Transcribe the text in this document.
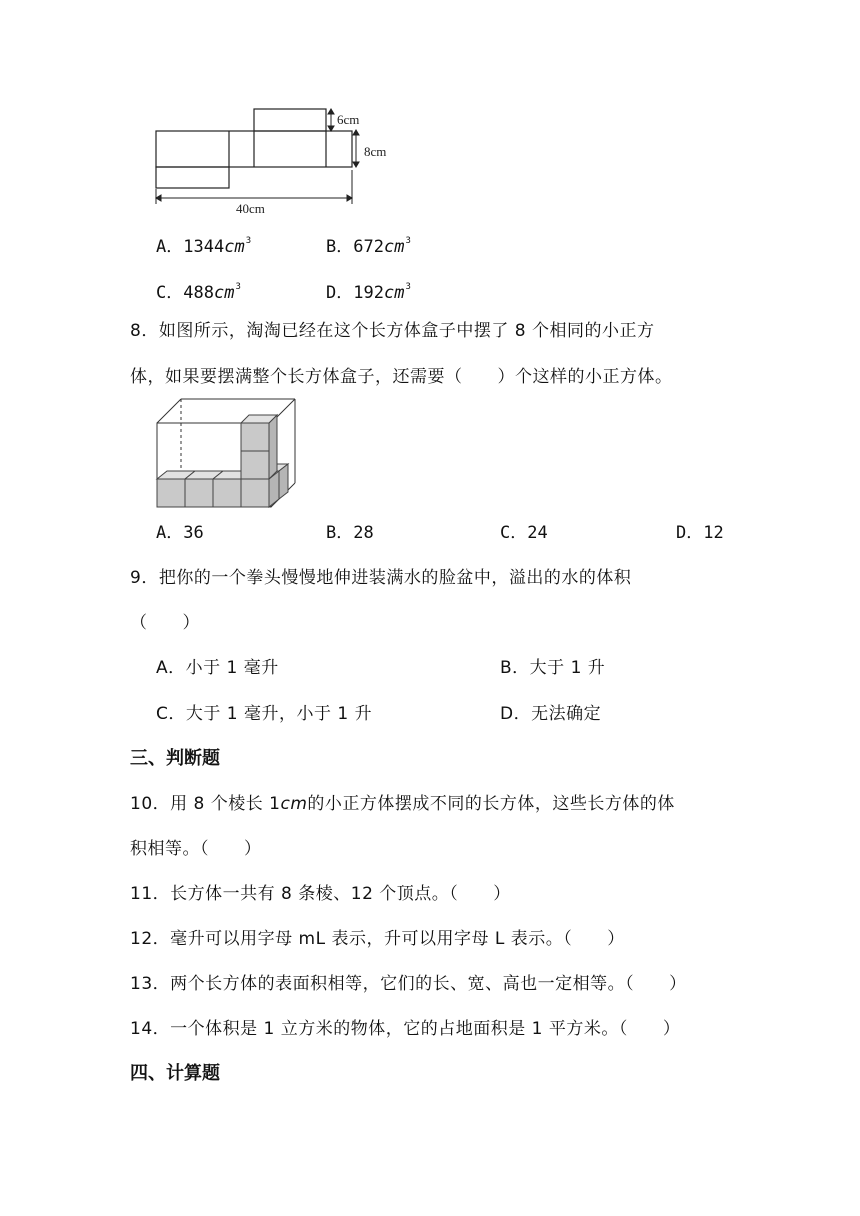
6cm
8cm
40cm
A．$1344cm^3$	B．$672cm^3$
C．$488cm^3$	D．$192cm^3$
8．如图所示，淘淘已经在这个长方体盒子中摆了 8 个相同的小正方
体，如果要摆满整个长方体盒子，还需要（　　）个这样的小正方体。
A．36	B．28	C．24	D．12
9．把你的一个拳头慢慢地伸进装满水的脸盆中，溢出的水的体积
（　　）
A．小于 1 毫升	B．大于 1 升
C．大于 1 毫升，小于 1 升	D．无法确定
三、判断题
10．用 8 个棱长 1cm的小正方体摆成不同的长方体，这些长方体的体
积相等。（　　）
11．长方体一共有 8 条棱、12 个顶点。（　　）
12．毫升可以用字母 mL 表示，升可以用字母 L 表示。（　　）
13．两个长方体的表面积相等，它们的长、宽、高也一定相等。（　　）
14．一个体积是 1 立方米的物体，它的占地面积是 1 平方米。（　　）
四、计算题
